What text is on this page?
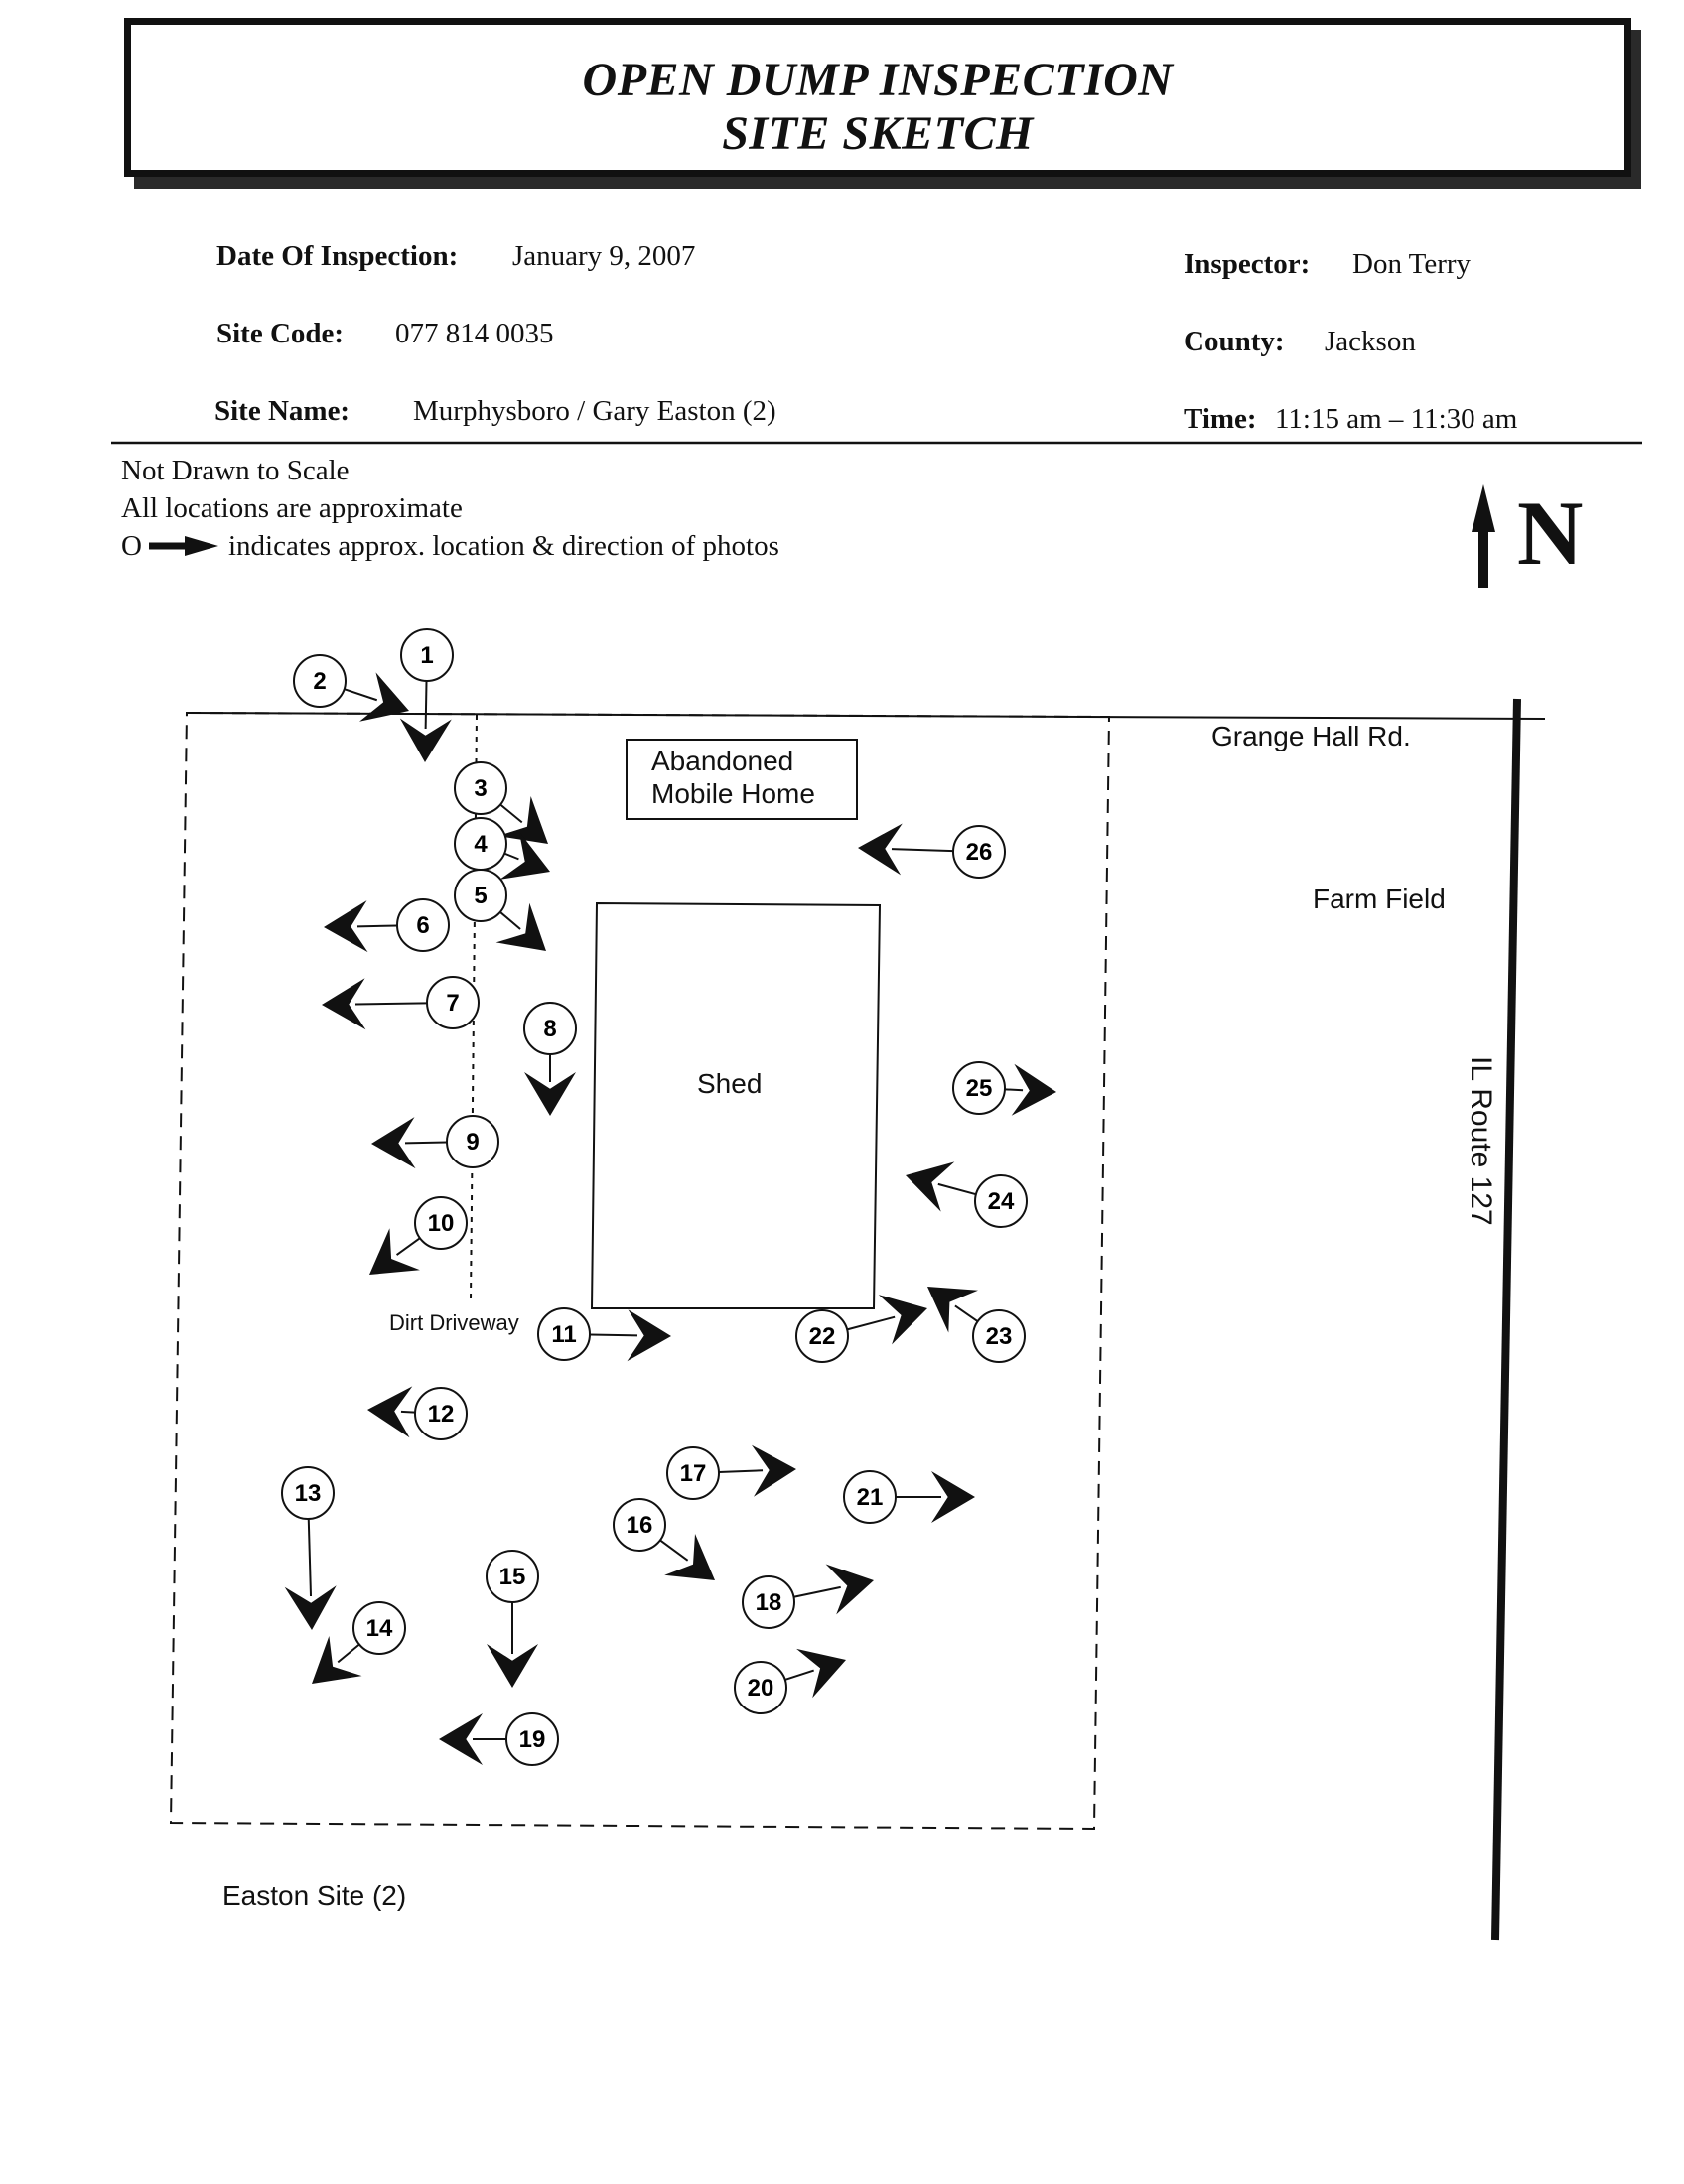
OPEN DUMP INSPECTION
SITE SKETCH
Date Of Inspection: January 9, 2007
Site Code: 077 814 0035
Site Name: Murphysboro / Gary Easton (2)
Inspector: Don Terry
County: Jackson
Time: 11:15 am – 11:30 am
Not Drawn to Scale
All locations are approximate
O	indicates approx. location & direction of photos	N
Abandoned
Mobile Home
Shed
Grange Hall Rd.
Farm Field
IL Route 127
Dirt Driveway
Easton Site (2)
1
2
3
4
5
6
7
8
9
10
11
12
13
14
15
16
17
18
19
20
21
22	23
24
25
26
